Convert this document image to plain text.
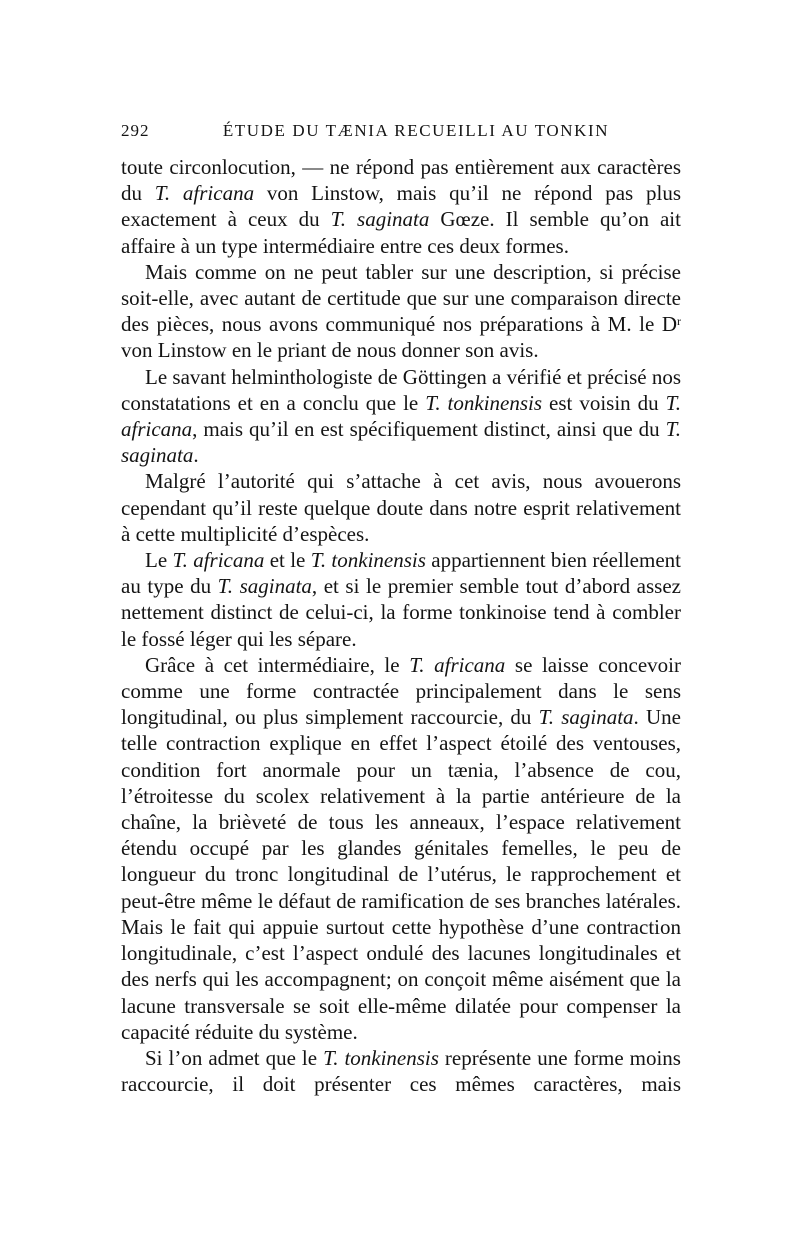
292	ÉTUDE DU TÆNIA RECUEILLI AU TONKIN

toute circonlocution, — ne répond pas entièrement aux caractères du T. africana von Linstow, mais qu’il ne répond pas plus exactement à ceux du T. saginata Gœze. Il semble qu’on ait affaire à un type intermédiaire entre ces deux formes.

Mais comme on ne peut tabler sur une description, si précise soit-elle, avec autant de certitude que sur une comparaison directe des pièces, nous avons communiqué nos préparations à M. le $D^r$ von Linstow en le priant de nous donner son avis.

Le savant helminthologiste de Göttingen a vérifié et précisé nos constatations et en a conclu que le T. tonkinensis est voisin du T. africana, mais qu’il en est spécifiquement distinct, ainsi que du T. saginata.

Malgré l’autorité qui s’attache à cet avis, nous avouerons cependant qu’il reste quelque doute dans notre esprit relativement à cette multiplicité d’espèces.

Le T. africana et le T. tonkinensis appartiennent bien réellement au type du T. saginata, et si le premier semble tout d’abord assez nettement distinct de celui-ci, la forme tonkinoise tend à combler le fossé léger qui les sépare.

Grâce à cet intermédiaire, le T. africana se laisse concevoir comme une forme contractée principalement dans le sens longitudinal, ou plus simplement raccourcie, du T. saginata. Une telle contraction explique en effet l’aspect étoilé des ventouses, condition fort anormale pour un tænia, l’absence de cou, l’étroitesse du scolex relativement à la partie antérieure de la chaîne, la brièveté de tous les anneaux, l’espace relativement étendu occupé par les glandes génitales femelles, le peu de longueur du tronc longitudinal de l’utérus, le rapprochement et peut-être même le défaut de ramification de ses branches latérales. Mais le fait qui appuie surtout cette hypothèse d’une contraction longitudinale, c’est l’aspect ondulé des lacunes longitudinales et des nerfs qui les accompagnent; on conçoit même aisément que la lacune transversale se soit elle-même dilatée pour compenser la capacité réduite du système.

Si l’on admet que le T. tonkinensis représente une forme moins raccourcie, il doit présenter ces mêmes caractères, mais
